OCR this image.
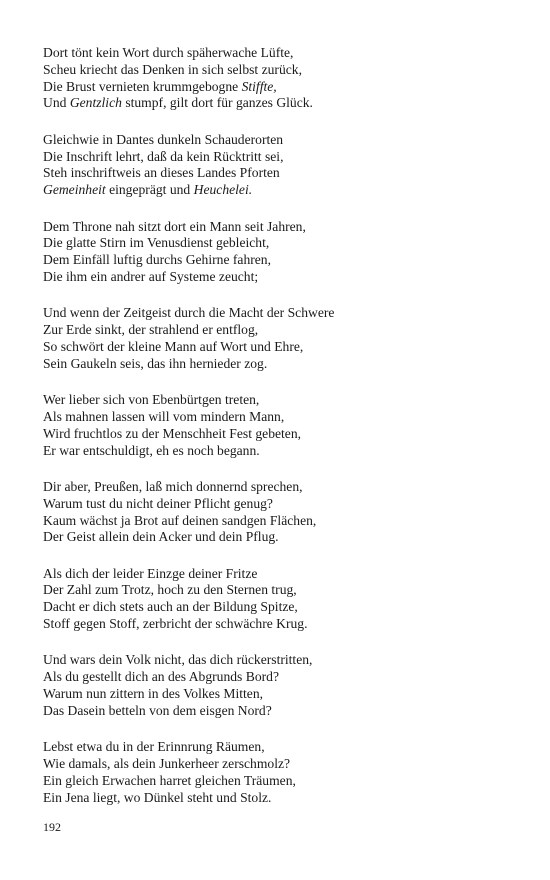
Dort tönt kein Wort durch späherwache Lüfte,
Scheu kriecht das Denken in sich selbst zurück,
Die Brust vernieten krummgebogne Stiffte,
Und Gentzlich stumpf, gilt dort für ganzes Glück.
Gleichwie in Dantes dunkeln Schauderorten
Die Inschrift lehrt, daß da kein Rücktritt sei,
Steh inschriftweis an dieses Landes Pforten
Gemeinheit eingeprägt und Heuchelei.
Dem Throne nah sitzt dort ein Mann seit Jahren,
Die glatte Stirn im Venusdienst gebleicht,
Dem Einfäll luftig durchs Gehirne fahren,
Die ihm ein andrer auf Systeme zeucht;
Und wenn der Zeitgeist durch die Macht der Schwere
Zur Erde sinkt, der strahlend er entflog,
So schwört der kleine Mann auf Wort und Ehre,
Sein Gaukeln seis, das ihn hernieder zog.
Wer lieber sich von Ebenbürtgen treten,
Als mahnen lassen will vom mindern Mann,
Wird fruchtlos zu der Menschheit Fest gebeten,
Er war entschuldigt, eh es noch begann.
Dir aber, Preußen, laß mich donnernd sprechen,
Warum tust du nicht deiner Pflicht genug?
Kaum wächst ja Brot auf deinen sandgen Flächen,
Der Geist allein dein Acker und dein Pflug.
Als dich der leider Einzge deiner Fritze
Der Zahl zum Trotz, hoch zu den Sternen trug,
Dacht er dich stets auch an der Bildung Spitze,
Stoff gegen Stoff, zerbricht der schwächre Krug.
Und wars dein Volk nicht, das dich rückerstritten,
Als du gestellt dich an des Abgrunds Bord?
Warum nun zittern in des Volkes Mitten,
Das Dasein betteln von dem eisgen Nord?
Lebst etwa du in der Erinnrung Räumen,
Wie damals, als dein Junkerheer zerschmolz?
Ein gleich Erwachen harret gleichen Träumen,
Ein Jena liegt, wo Dünkel steht und Stolz.
192
